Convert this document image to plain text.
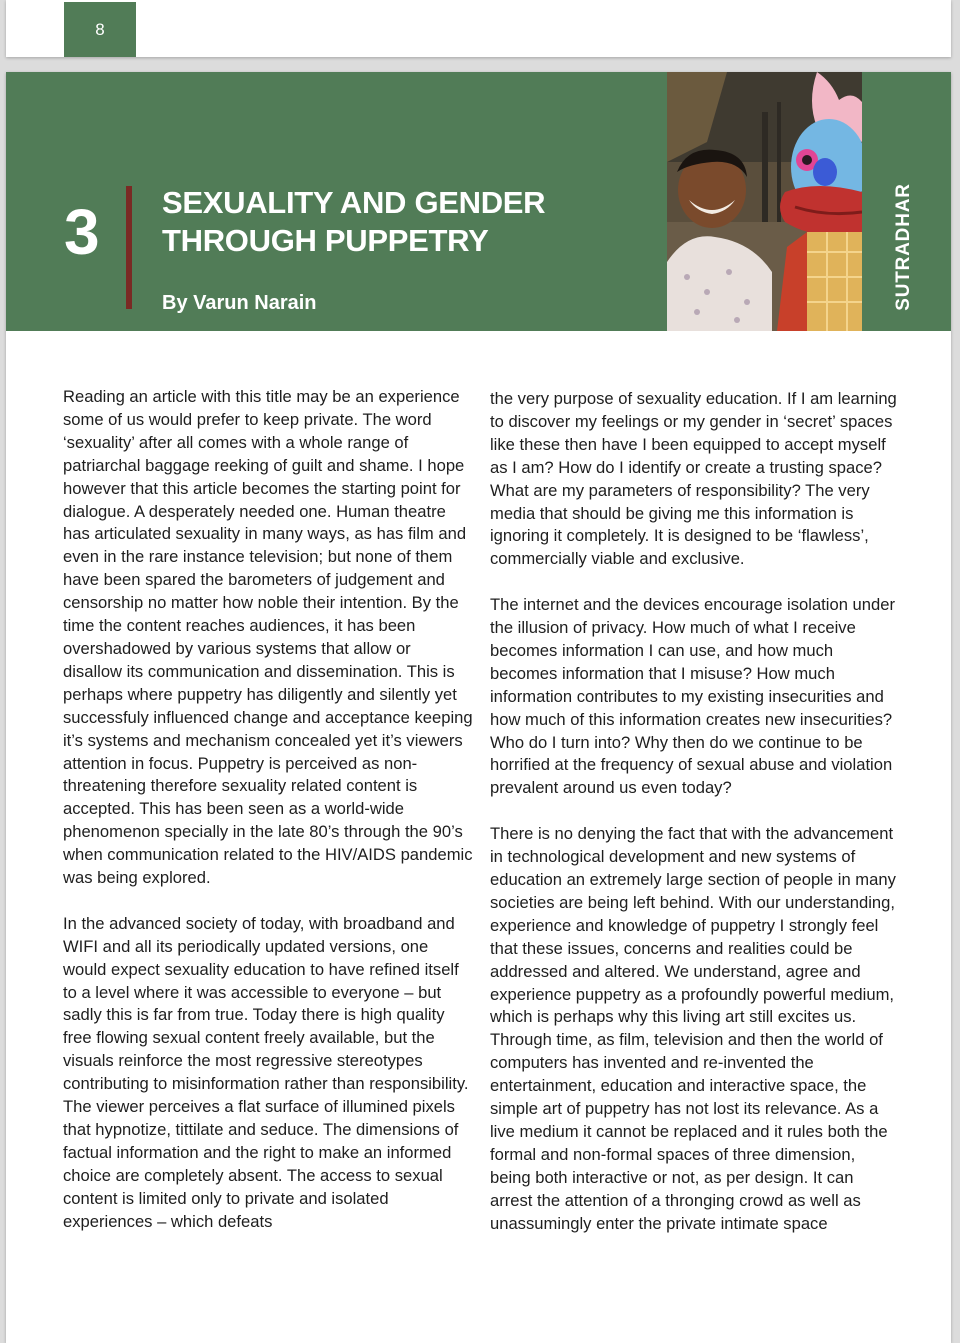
8
3 SEXUALITY AND GENDER
THROUGH PUPPETRY
By Varun Narain	SUTRADHAR

Reading an article with this title may be an experience some of us would prefer to keep private. The word ‘sexuality’ after all comes with a whole range of patriarchal baggage reeking of guilt and shame. I hope however that this article becomes the starting point for dialogue. A desperately needed one. Human theatre has articulated sexuality in many ways, as has film and even in the rare instance television; but none of them have been spared the barometers of judgement and censorship no matter how noble their intention. By the time the content reaches audiences, it has been overshadowed by various systems that allow or disallow its communication and dissemination. This is perhaps where puppetry has diligently and silently yet successfuly influenced change and acceptance keeping it’s systems and mechanism concealed yet it’s viewers attention in focus. Puppetry is perceived as non-threatening therefore sexuality related content is accepted. This has been seen as a world-wide phenomenon specially in the late 80’s through the 90’s when communication related to the HIV/AIDS pandemic was being explored.

In the advanced society of today, with broadband and WIFI and all its periodically updated versions, one would expect sexuality education to have refined itself to a level where it was accessible to everyone – but sadly this is far from true. Today there is high quality free flowing sexual content freely available, but the visuals reinforce the most regressive stereotypes contributing to misinformation rather than responsibility. The viewer perceives a flat surface of illumined pixels that hypnotize, tittilate and seduce. The dimensions of factual information and the right to make an informed choice are completely absent. The access to sexual content is limited only to private and isolated experiences – which defeats

the very purpose of sexuality education. If I am learning to discover my feelings or my gender in ‘secret’ spaces like these then have I been equipped to accept myself as I am? How do I identify or create a trusting space? What are my parameters of responsibility? The very media that should be giving me this information is ignoring it completely. It is designed to be ‘flawless’, commercially viable and exclusive.

The internet and the devices encourage isolation under the illusion of privacy. How much of what I receive becomes information I can use, and how much becomes information that I misuse? How much information contributes to my existing insecurities and how much of this information creates new insecurities? Who do I turn into? Why then do we continue to be horrified at the frequency of sexual abuse and violation prevalent around us even today?

There is no denying the fact that with the advancement in technological development and new systems of education an extremely large section of people in many societies are being left behind. With our understanding, experience and knowledge of puppetry I strongly feel that these issues, concerns and realities could be addressed and altered. We understand, agree and experience puppetry as a profoundly powerful medium, which is perhaps why this living art still excites us. Through time, as film, television and then the world of computers has invented and re-invented the entertainment, education and interactive space, the simple art of puppetry has not lost its relevance. As a live medium it cannot be replaced and it rules both the formal and non-formal spaces of three dimension, being both interactive or not, as per design. It can arrest the attention of a thronging crowd as well as unassumingly enter the private intimate space
